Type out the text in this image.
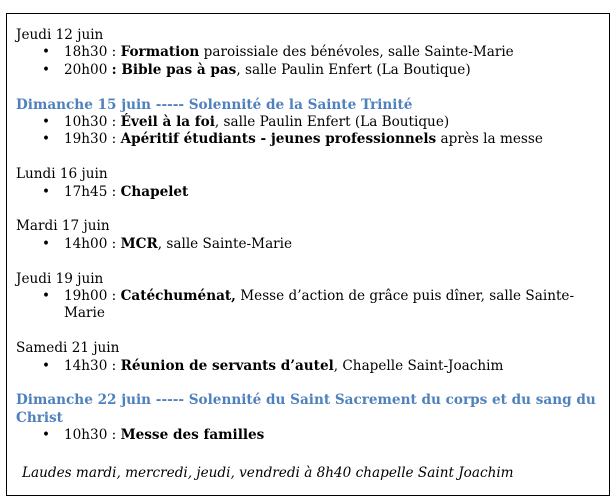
Jeudi 12 juin

• 18h30 : Formation paroissiale des bénévoles, salle Sainte-Marie
• 20h00 : Bible pas à pas, salle Paulin Enfert (La Boutique)

Dimanche 15 juin ----- Solennité de la Sainte Trinité

• 10h30 : Éveil à la foi, salle Paulin Enfert (La Boutique)
• 19h30 : Apéritif étudiants - jeunes professionnels après la messe

Lundi 16 juin

• 17h45 : Chapelet

Mardi 17 juin

• 14h00 : MCR, salle Sainte-Marie

Jeudi 19 juin

• 19h00 : Catéchuménat, Messe d’action de grâce puis dîner, salle Sainte-Marie

Samedi 21 juin

• 14h30 : Réunion de servants d’autel, Chapelle Saint-Joachim

Dimanche 22 juin ----- Solennité du Saint Sacrement du corps et du sang du Christ

• 10h30 : Messe des familles
Laudes mardi, mercredi, jeudi, vendredi à 8h40 chapelle Saint Joachim
